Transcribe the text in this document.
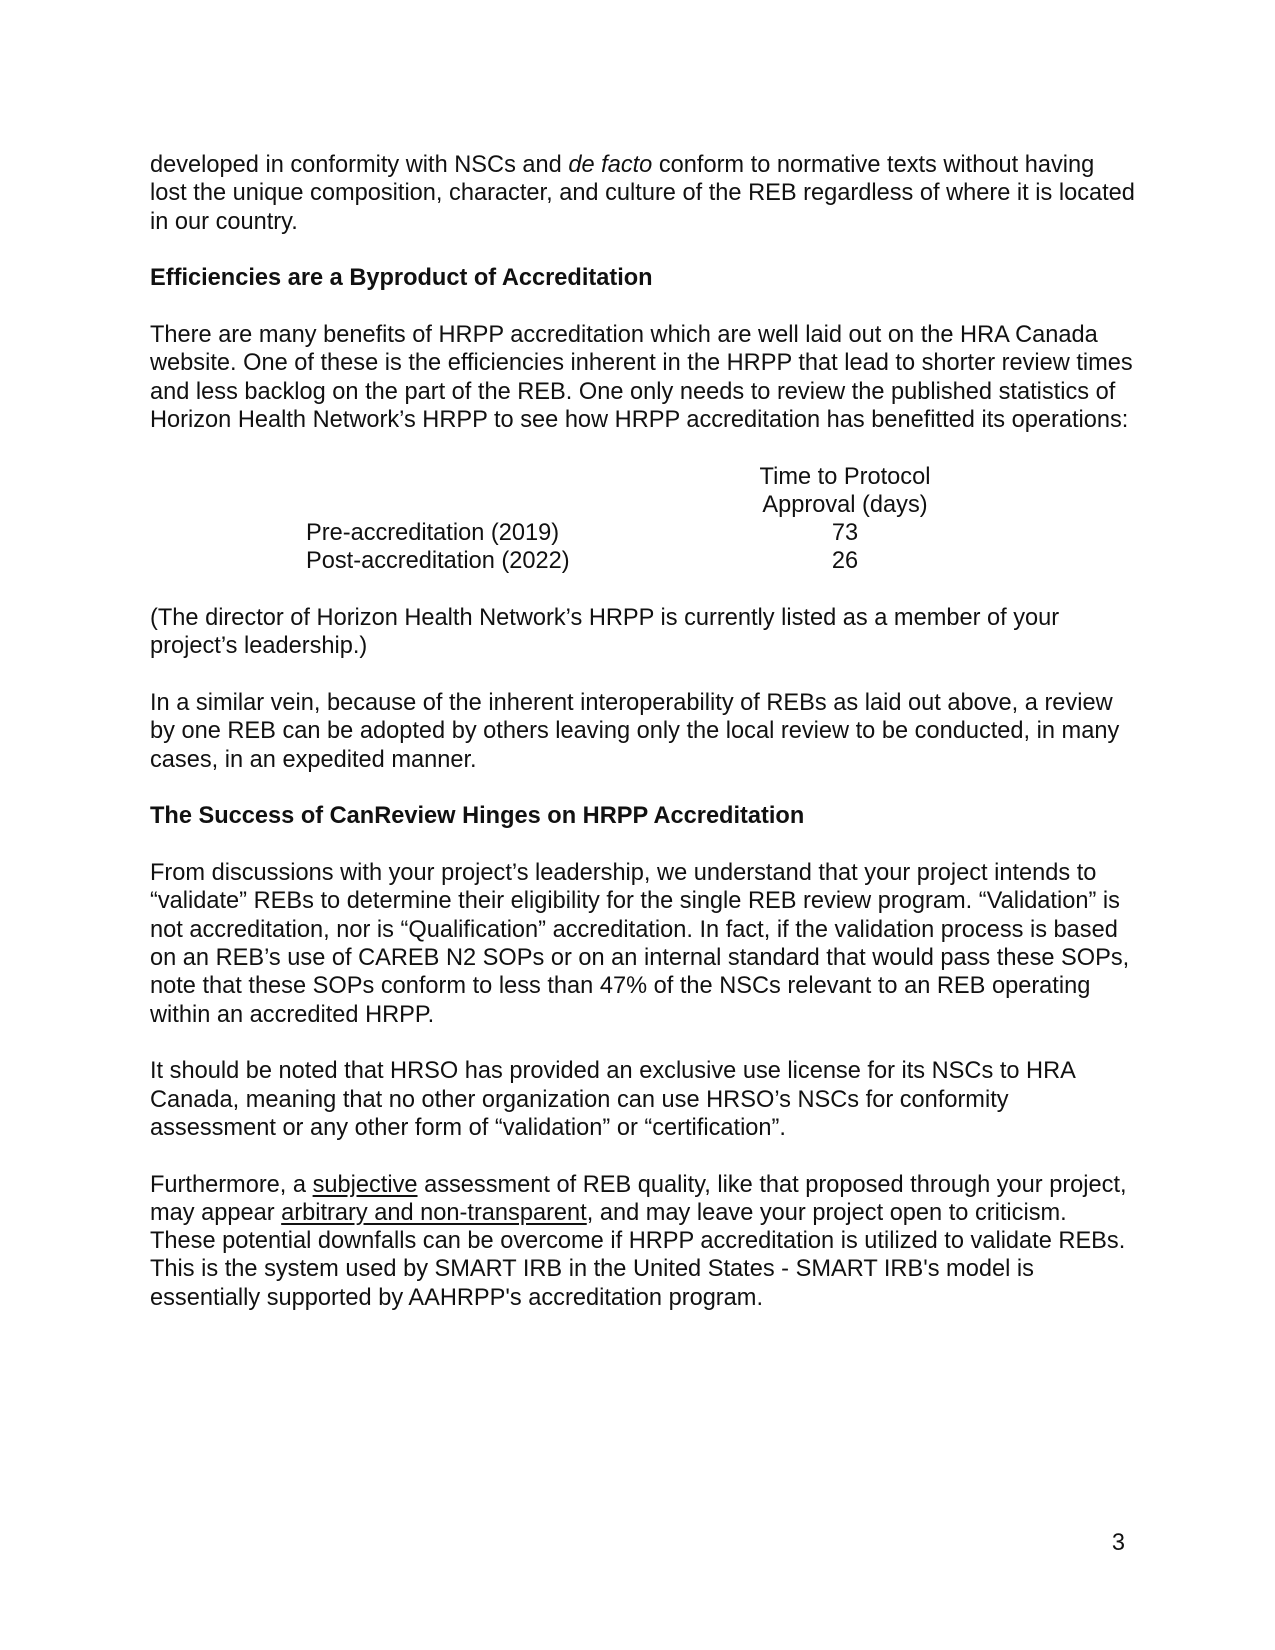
developed in conformity with NSCs and de facto conform to normative texts without having lost the unique composition, character, and culture of the REB regardless of where it is located in our country.

Efficiencies are a Byproduct of Accreditation

There are many benefits of HRPP accreditation which are well laid out on the HRA Canada website. One of these is the efficiencies inherent in the HRPP that lead to shorter review times and less backlog on the part of the REB. One only needs to review the published statistics of Horizon Health Network’s HRPP to see how HRPP accreditation has benefitted its operations:

Time to Protocol
Approval (days)
Pre-accreditation (2019)	73
Post-accreditation (2022)	26

(The director of Horizon Health Network’s HRPP is currently listed as a member of your project’s leadership.)

In a similar vein, because of the inherent interoperability of REBs as laid out above, a review by one REB can be adopted by others leaving only the local review to be conducted, in many cases, in an expedited manner.

The Success of CanReview Hinges on HRPP Accreditation

From discussions with your project’s leadership, we understand that your project intends to “validate” REBs to determine their eligibility for the single REB review program. “Validation” is not accreditation, nor is “Qualification” accreditation. In fact, if the validation process is based on an REB’s use of CAREB N2 SOPs or on an internal standard that would pass these SOPs, note that these SOPs conform to less than 47% of the NSCs relevant to an REB operating within an accredited HRPP.

It should be noted that HRSO has provided an exclusive use license for its NSCs to HRA Canada, meaning that no other organization can use HRSO’s NSCs for conformity assessment or any other form of “validation” or “certification”.

Furthermore, a subjective assessment of REB quality, like that proposed through your project, may appear arbitrary and non-transparent, and may leave your project open to criticism. These potential downfalls can be overcome if HRPP accreditation is utilized to validate REBs. This is the system used by SMART IRB in the United States - SMART IRB's model is essentially supported by AAHRPP's accreditation program.

3
